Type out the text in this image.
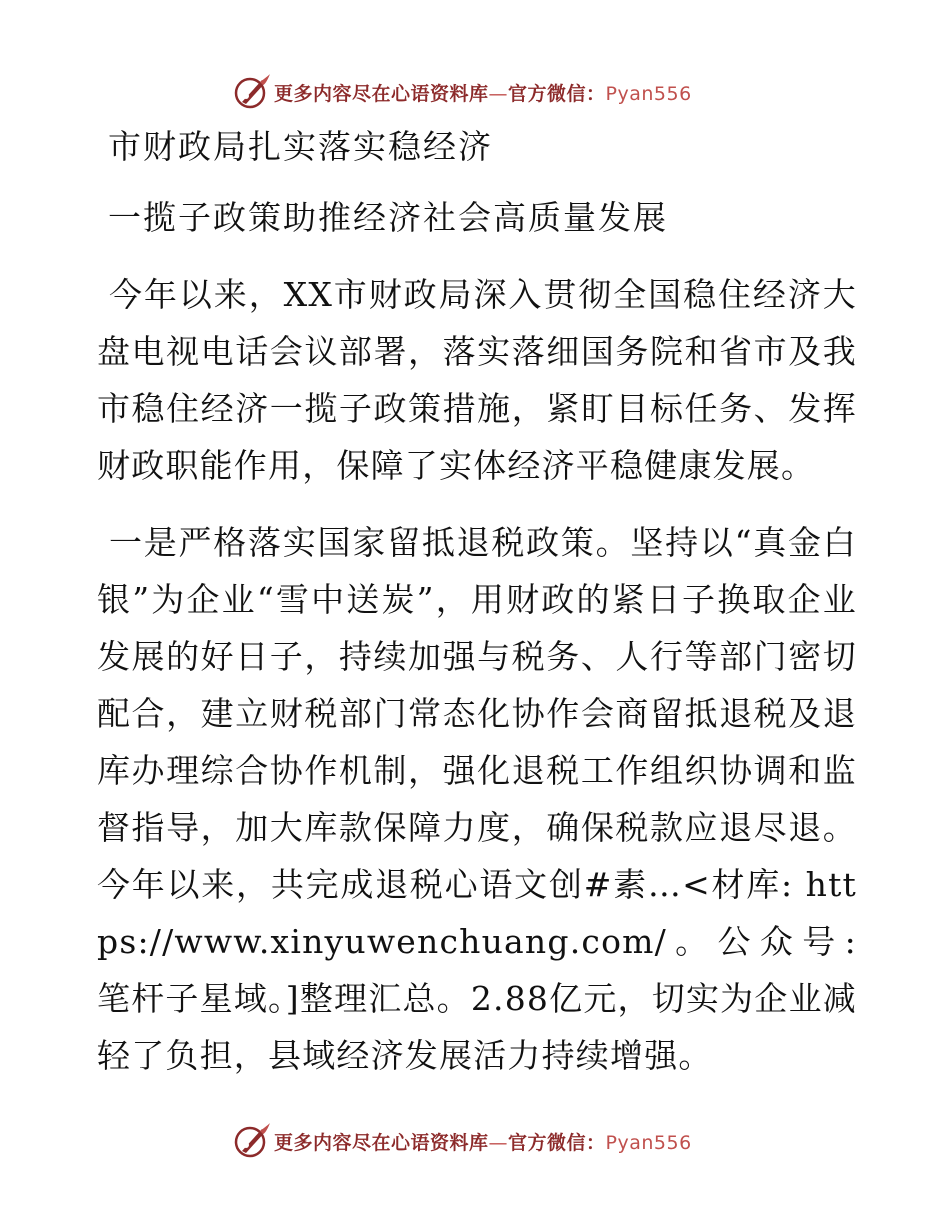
更多内容尽在心语资料库—官方微信：Pyan556
市财政局扎实落实稳经济
一揽子政策助推经济社会高质量发展
今年以来，XX市财政局深入贯彻全国稳住经济大盘电视电话会议部署，落实落细国务院和省市及我市稳住经济一揽子政策措施，紧盯目标任务、发挥财政职能作用，保障了实体经济平稳健康发展。
一是严格落实国家留抵退税政策。坚持以“真金白银”为企业“雪中送炭”，用财政的紧日子换取企业发展的好日子，持续加强与税务、人行等部门密切配合，建立财税部门常态化协作会商留抵退税及退库办理综合协作机制，强化退税工作组织协调和监督指导，加大库款保障力度，确保税款应退尽退。今年以来，共完成退税心语文创#素…<材库: https://www.xinyuwenchuang.com/。公众号: 笔杆子星域。]整理汇总。2.88亿元，切实为企业减轻了负担，县域经济发展活力持续增强。
更多内容尽在心语资料库—官方微信：Pyan556
